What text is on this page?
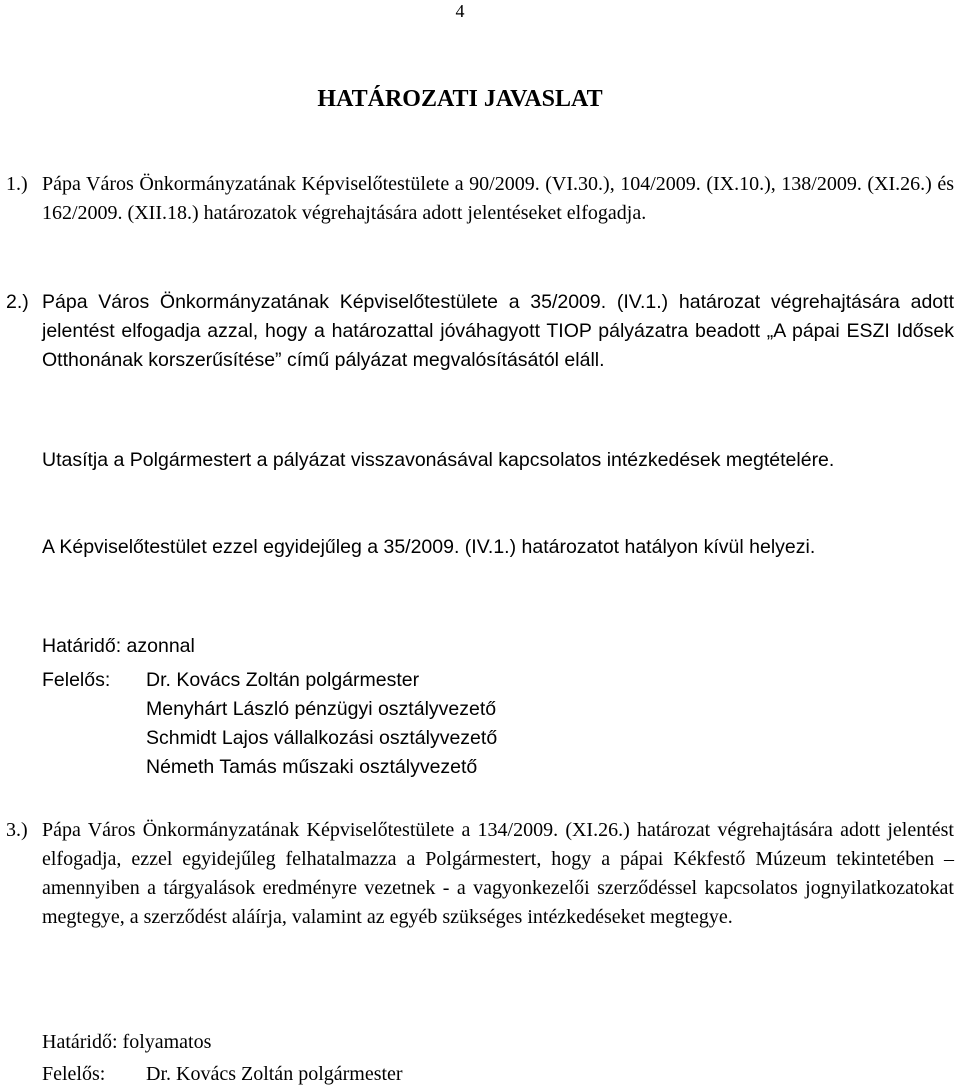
4
HATÁROZATI JAVASLAT
1.) Pápa Város Önkormányzatának Képviselőtestülete a 90/2009. (VI.30.), 104/2009. (IX.10.), 138/2009. (XI.26.) és 162/2009. (XII.18.) határozatok végrehajtására adott jelentéseket elfogadja.
2.) Pápa Város Önkormányzatának Képviselőtestülete a 35/2009. (IV.1.) határozat végrehajtására adott jelentést elfogadja azzal, hogy a határozattal jóváhagyott TIOP pályázatra beadott „A pápai ESZI Idősek Otthonának korszerűsítése” című pályázat megvalósításától eláll.
Utasítja a Polgármestert a pályázat visszavonásával kapcsolatos intézkedések megtételére.
A Képviselőtestület ezzel egyidejűleg a 35/2009. (IV.1.) határozatot hatályon kívül helyezi.
Határidő: azonnal
Felelős:	Dr. Kovács Zoltán polgármester
Menyhárt László pénzügyi osztályvezető
Schmidt Lajos vállalkozási osztályvezető
Németh Tamás műszaki osztályvezető
3.) Pápa Város Önkormányzatának Képviselőtestülete a 134/2009. (XI.26.) határozat végrehajtására adott jelentést elfogadja, ezzel egyidejűleg felhatalmazza a Polgármestert, hogy a pápai Kékfestő Múzeum tekintetében – amennyiben a tárgyalások eredményre vezetnek - a vagyonkezelői szerződéssel kapcsolatos jognyilatkozatokat megtegye, a szerződést aláírja, valamint az egyéb szükséges intézkedéseket megtegye.
Határidő: folyamatos
Felelős:	Dr. Kovács Zoltán polgármester
